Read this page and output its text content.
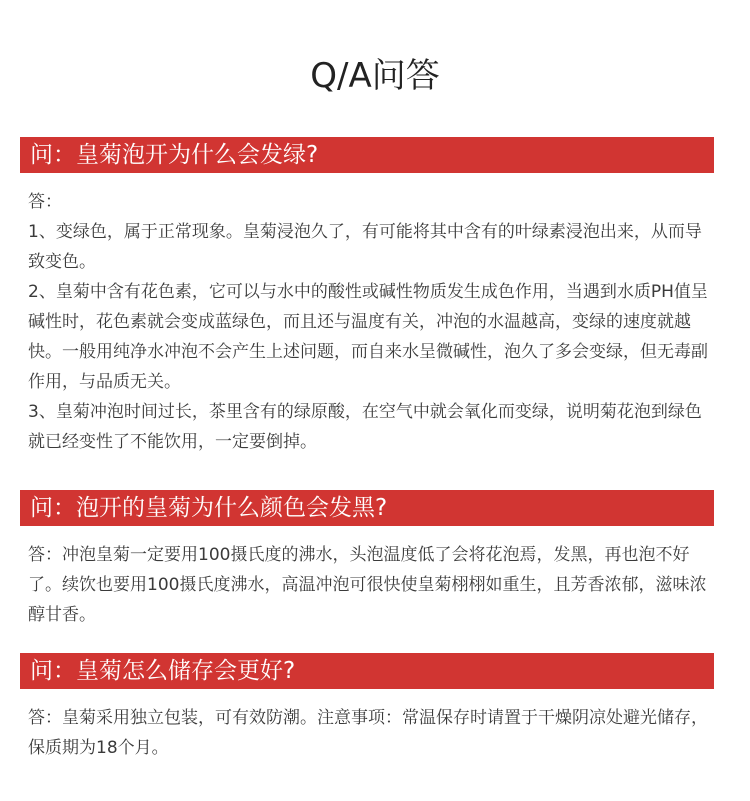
Q/A问答
问：皇菊泡开为什么会发绿?

答：

1、变绿色，属于正常现象。皇菊浸泡久了，有可能将其中含有的叶绿素浸泡出来，从而导致变色。

2、皇菊中含有花色素，它可以与水中的酸性或碱性物质发生成色作用，当遇到水质PH值呈碱性时，花色素就会变成蓝绿色，而且还与温度有关，冲泡的水温越高，变绿的速度就越快。一般用纯净水冲泡不会产生上述问题，而自来水呈微碱性，泡久了多会变绿，但无毒副作用，与品质无关。

3、皇菊冲泡时间过长，茶里含有的绿原酸，在空气中就会氧化而变绿，说明菊花泡到绿色就已经变性了不能饮用，一定要倒掉。

问：泡开的皇菊为什么颜色会发黑?

答：冲泡皇菊一定要用100摄氏度的沸水，头泡温度低了会将花泡焉，发黑，再也泡不好了。续饮也要用100摄氏度沸水，高温冲泡可很快使皇菊栩栩如重生，且芳香浓郁，滋味浓醇甘香。

问：皇菊怎么储存会更好?

答：皇菊采用独立包装，可有效防潮。注意事项：常温保存时请置于干燥阴凉处避光储存，保质期为18个月。
